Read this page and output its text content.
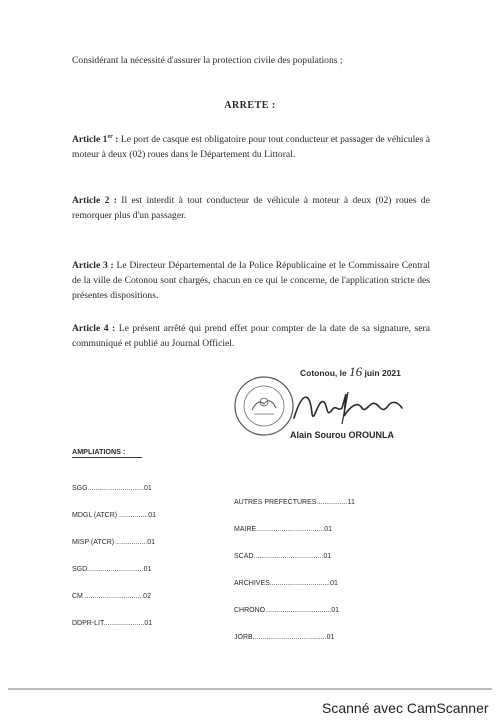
Considérant la nécessité d'assurer la protection civile des populations ;
ARRETE :
Article 1er : Le port de casque est obligatoire pour tout conducteur et passager de véhicules à moteur à deux (02) roues dans le Département du Littoral.
Article 2 : Il est interdit à tout conducteur de véhicule à moteur à deux (02) roues de remorquer plus d'un passager.
Article 3 : Le Directeur Départemental de la Police Républicaine et le Commissaire Central de la ville de Cotonou sont chargés, chacun en ce qui le concerne, de l'application stricte des présentes dispositions.
Article 4 : Le présent arrêté qui prend effet pour compter de la date de sa signature, sera communiqué et publié au Journal Officiel.
Cotonou, le 16 juin 2021
Alain Sourou OROUNLA
AMPLIATIONS :

SGG.............................01

MDGL (ATCR) ...............01

MISP (ATCR) ................01

SGD.............................01

CM ..............................02

DDPR-LIT.....................01

AUTRES PREFECTURES................11

MAIRE...................................01

SCAD....................................01

ARCHIVES...............................01

CHRONO..................................01

JORB......................................01

Scanné avec CamScanner
